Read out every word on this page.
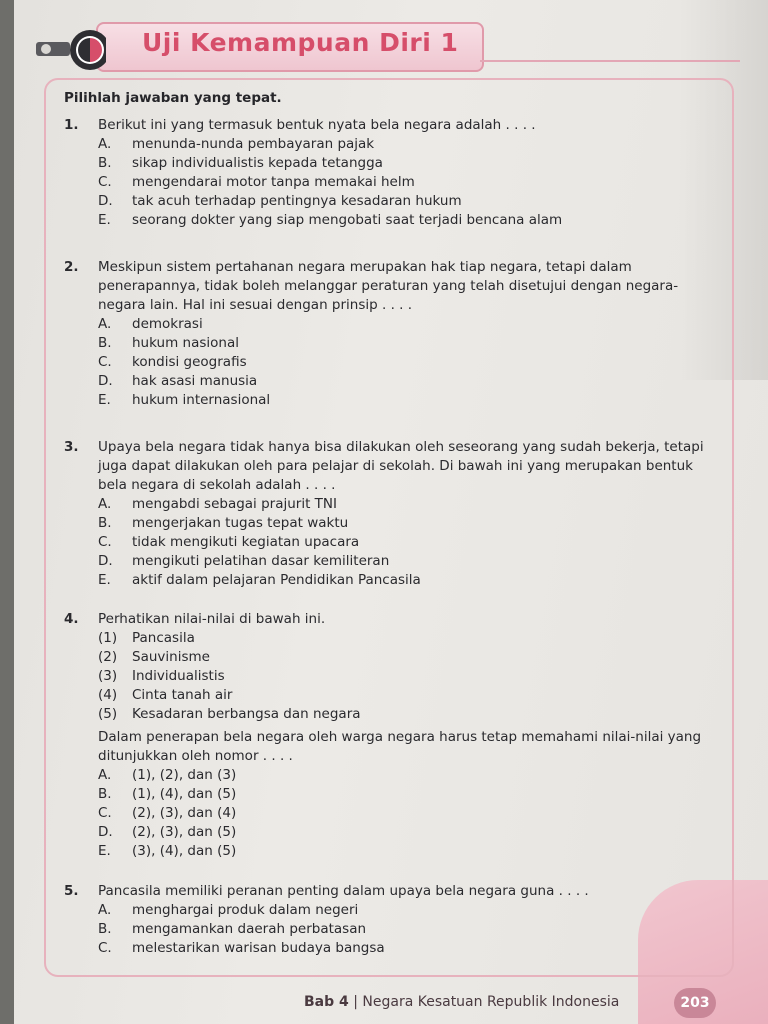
Uji Kemampuan Diri 1
Pilihlah jawaban yang tepat.
1. Berikut ini yang termasuk bentuk nyata bela negara adalah . . . .
A. menunda-nunda pembayaran pajak
B. sikap individualistis kepada tetangga
C. mengendarai motor tanpa memakai helm
D. tak acuh terhadap pentingnya kesadaran hukum
E. seorang dokter yang siap mengobati saat terjadi bencana alam
2. Meskipun sistem pertahanan negara merupakan hak tiap negara, tetapi dalam penerapannya, tidak boleh melanggar peraturan yang telah disetujui dengan negara-negara lain. Hal ini sesuai dengan prinsip . . . .
A. demokrasi
B. hukum nasional
C. kondisi geografis
D. hak asasi manusia
E. hukum internasional
3. Upaya bela negara tidak hanya bisa dilakukan oleh seseorang yang sudah bekerja, tetapi juga dapat dilakukan oleh para pelajar di sekolah. Di bawah ini yang merupakan bentuk bela negara di sekolah adalah . . . .
A. mengabdi sebagai prajurit TNI
B. mengerjakan tugas tepat waktu
C. tidak mengikuti kegiatan upacara
D. mengikuti pelatihan dasar kemiliteran
E. aktif dalam pelajaran Pendidikan Pancasila
4. Perhatikan nilai-nilai di bawah ini.
(1) Pancasila
(2) Sauvinisme
(3) Individualistis
(4) Cinta tanah air
(5) Kesadaran berbangsa dan negara
Dalam penerapan bela negara oleh warga negara harus tetap memahami nilai-nilai yang ditunjukkan oleh nomor . . . .
A. (1), (2), dan (3)
B. (1), (4), dan (5)
C. (2), (3), dan (4)
D. (2), (3), dan (5)
E. (3), (4), dan (5)
5. Pancasila memiliki peranan penting dalam upaya bela negara guna . . . .
A. menghargai produk dalam negeri
B. mengamankan daerah perbatasan
C. melestarikan warisan budaya bangsa
Bab 4 | Negara Kesatuan Republik Indonesia	203
